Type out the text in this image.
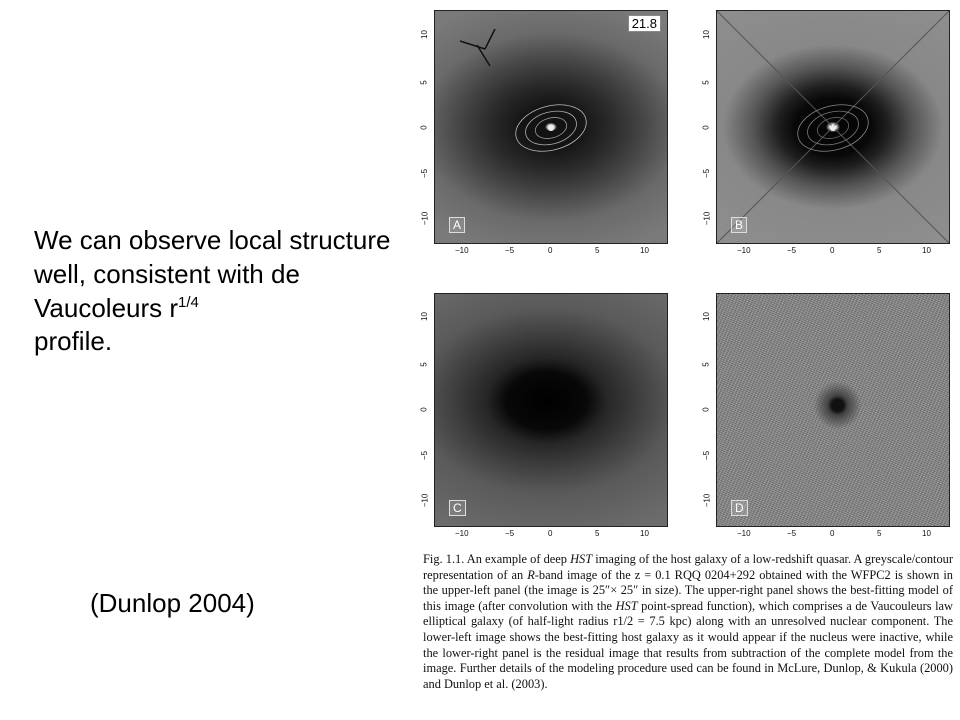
We can observe local structure well, consistent with de Vaucoleurs $r^{1/4}$
profile.
(Dunlop 2004)
21.8
A	B
C	D
−10	−5	0	5	10	−10	−5	0	5	10
−10	−5	0	5	10	−10	−5	0	5	10
10
5
0
−5
−10
10
5
0
−5
−10
10
5
0
−5
−10
10
5
0
−5
−10
Fig. 1.1. An example of deep HST imaging of the host galaxy of a low-redshift quasar. A greyscale/contour representation of an R-band image of the z = 0.1 RQQ 0204+292 obtained with the WFPC2 is shown in the upper-left panel (the image is 25″× 25″ in size). The upper-right panel shows the best-fitting model of this image (after convolution with the HST point-spread function), which comprises a de Vaucouleurs law elliptical galaxy (of half-light radius r1/2 = 7.5 kpc) along with an unresolved nuclear component. The lower-left image shows the best-fitting host galaxy as it would appear if the nucleus were inactive, while the lower-right panel is the residual image that results from subtraction of the complete model from the image. Further details of the modeling procedure used can be found in McLure, Dunlop, & Kukula (2000) and Dunlop et al. (2003).
